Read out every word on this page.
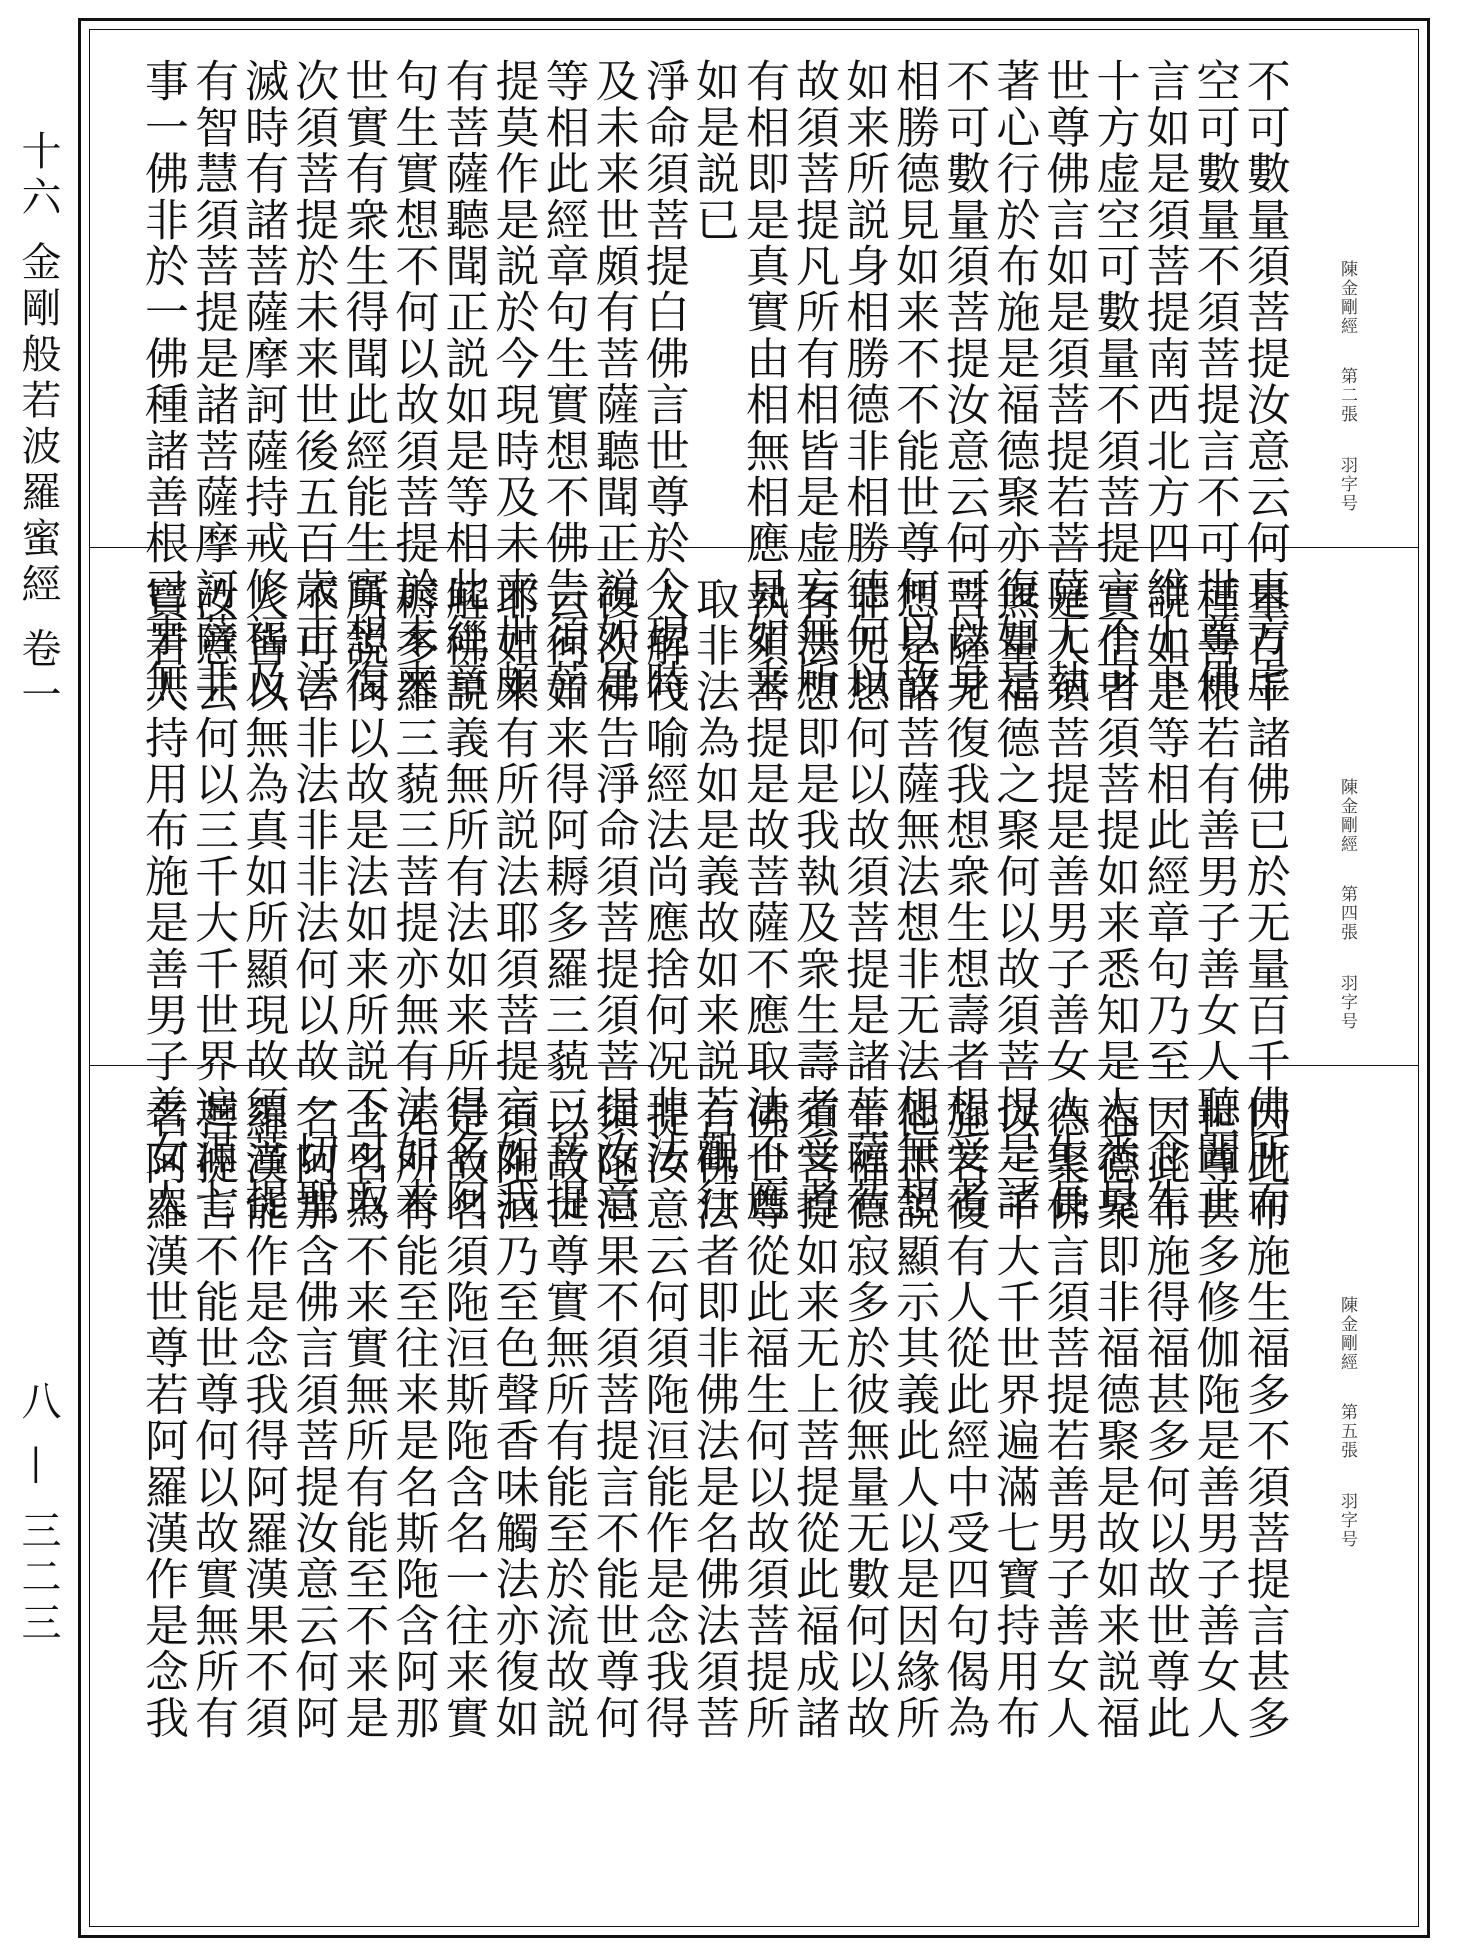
十六 金剛般若波羅蜜經 卷一
八 — 三二三
不可數量須菩提汝意云何東方虚
空可數量不須菩提言不可世尊佛
言如是須菩提南西北方四維上下
十方虚空可數量不須菩提言不可
世尊佛言如是須菩提若菩薩无執
著心行於布施是福德聚亦復如是
不可數量須菩提汝意云何可以身
相勝德見如来不不能世尊何以故
如来所説身相勝德非相勝德何以
故須菩提凡所有相皆是虚妄無所
有相即是真實由相無相應見如来
如是説已
淨命須菩提白佛言世尊於今現時
及未来世頗有菩薩聽聞正説如是
等相此經章句生實想不佛告須菩
提莫作是説於今現時及未来世頗
有菩薩聽聞正説如是等相此經章
句生實想不何以故須菩提於未来
世實有衆生得聞此經能生實想復
次須菩提於未来世後五百歳正法
滅時有諸菩薩摩訶薩持戒修福及
有智慧須菩提是諸菩薩摩訶薩非
事一佛非於一佛種諸善根已事無	陳金剛經 第二張 羽字号
量百千諸佛已於无量百千佛所而
種善根若有善男子善女人聽聞正
説如是等相此經章句乃至一念生
實信者須菩提如来悉知是人悉見
是人須菩提是善男子善女人生長
無量福德之聚何以故須菩提是諸
菩薩无復我想衆生想壽者想受者
想是諸菩薩無法想非无法想無想
非无想何以故須菩提是諸菩薩若
有法想即是我執及衆生壽者受者
執須菩提是故菩薩不應取法不應
取非法為如是義故如来説若觀行
人解筏喻經法尚應捨何况非法
復次佛告淨命須菩提須菩提汝意
云何如来得阿耨多羅三藐三菩提
耶如来有所説法耶須菩提言如我
解佛説義無所有法如来所得名阿
耨多羅三藐三菩提亦無有法如来
所説何以故是法如来所説不可取
不可言非法非非法何以故一切聖
人皆以無為真如所顯現故須菩提
汝意云何以三千大千世界遍滿七
寶若人持用布施是善男子善女人	陳金剛經 第四張 羽字号
因此布施生福多不須菩提言甚多
世尊甚多修伽陁是善男子善女人
因此布施得福甚多何以故世尊此
福德聚即非福德聚是故如来説福
德聚佛言須菩提若善男子善女人
以三千大千世界遍滿七寶持用布
施若復有人從此經中受四句偈為
他正説顯示其義此人以是因緣所
生福德寂多於彼無量无數何以故
須菩提如来无上菩提從此福成諸
佛世尊從此福生何以故須菩提所
言佛法者即非佛法是名佛法須菩
提汝意云何須陁洹能作是念我得
須陁洹果不須菩提言不能世尊何
以故世尊實無所有能至於流故説
須陁洹乃至色聲香味觸法亦復如
是故名須陁洹斯陁含名一往来實
无所有能至往来是名斯陁含阿那
含名為不来實無所有能至不来是
名阿那含佛言須菩提汝意云何阿
羅漢能作是念我得阿羅漢果不須
菩提言不能世尊何以故實無所有
名阿羅漢世尊若阿羅漢作是念我	陳金剛經 第五張 羽字号
